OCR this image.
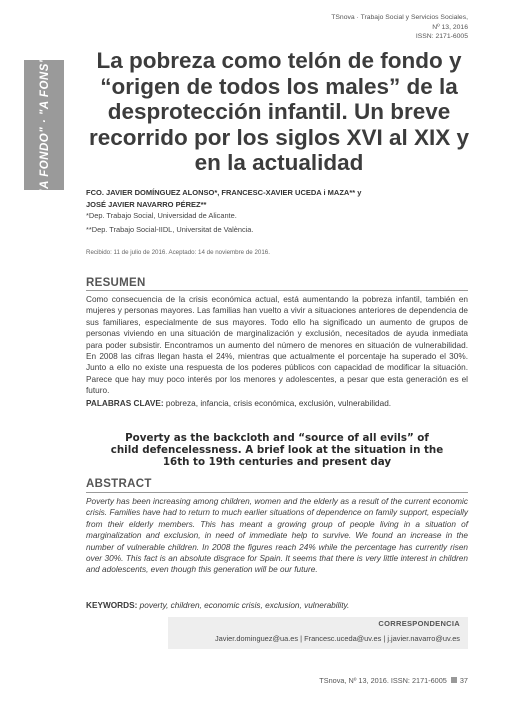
"A FONDO" · "A FONS"
TSnova · Trabajo Social y Servicios Sociales,
Nº 13, 2016
ISSN: 2171-6005
La pobreza como telón de fondo y “origen de todos los males” de la desprotección infantil. Un breve recorrido por los siglos XVI al XIX y en la actualidad
FCO. JAVIER DOMÍNGUEZ ALONSO*, FRANCESC-XAVIER UCEDA i MAZA** y
JOSÉ JAVIER NAVARRO PÉREZ**
*Dep. Trabajo Social, Universidad de Alicante.
**Dep. Trabajo Social-IIDL, Universitat de València.
Recibido: 11 de julio de 2016. Aceptado: 14 de noviembre de 2016.
RESUMEN

Como consecuencia de la crisis económica actual, está aumentando la pobreza infantil, también en mujeres y personas mayores. Las familias han vuelto a vivir a situaciones anteriores de dependencia de sus familiares, especialmente de sus mayores. Todo ello ha significado un aumento de grupos de personas viviendo en una situación de marginalización y exclusión, necesitados de ayuda inmediata para poder subsistir. Encontramos un aumento del número de menores en situación de vulnerabilidad. En 2008 las cifras llegan hasta el 24%, mientras que actualmente el porcentaje ha superado el 30%. Junto a ello no existe una respuesta de los poderes públicos con capacidad de modificar la situación. Parece que hay muy poco interés por los menores y adolescentes, a pesar que esta generación es el futuro.

PALABRAS CLAVE: pobreza, infancia, crisis económica, exclusión, vulnerabilidad.
Poverty as the backcloth and “source of all evils” of child defencelessness. A brief look at the situation in the 16th to 19th centuries and present day
ABSTRACT

Poverty has been increasing among children, women and the elderly as a result of the current economic crisis. Families have had to return to much earlier situations of dependence on family support, especially from their elderly members. This has meant a growing group of people living in a situation of marginalization and exclusion, in need of immediate help to survive. We found an increase in the number of vulnerable children. In 2008 the figures reach 24% while the percentage has currently risen over 30%. This fact is an absolute disgrace for Spain. It seems that there is very little interest in children and adolescents, even though this generation will be our future.

KEYWORDS: poverty, children, economic crisis, exclusion, vulnerability.
CORRESPONDENCIA
Javier.dominguez@ua.es | Francesc.uceda@uv.es | j.javier.navarro@uv.es
TSnova, Nº 13, 2016. ISSN: 2171-6005 37
